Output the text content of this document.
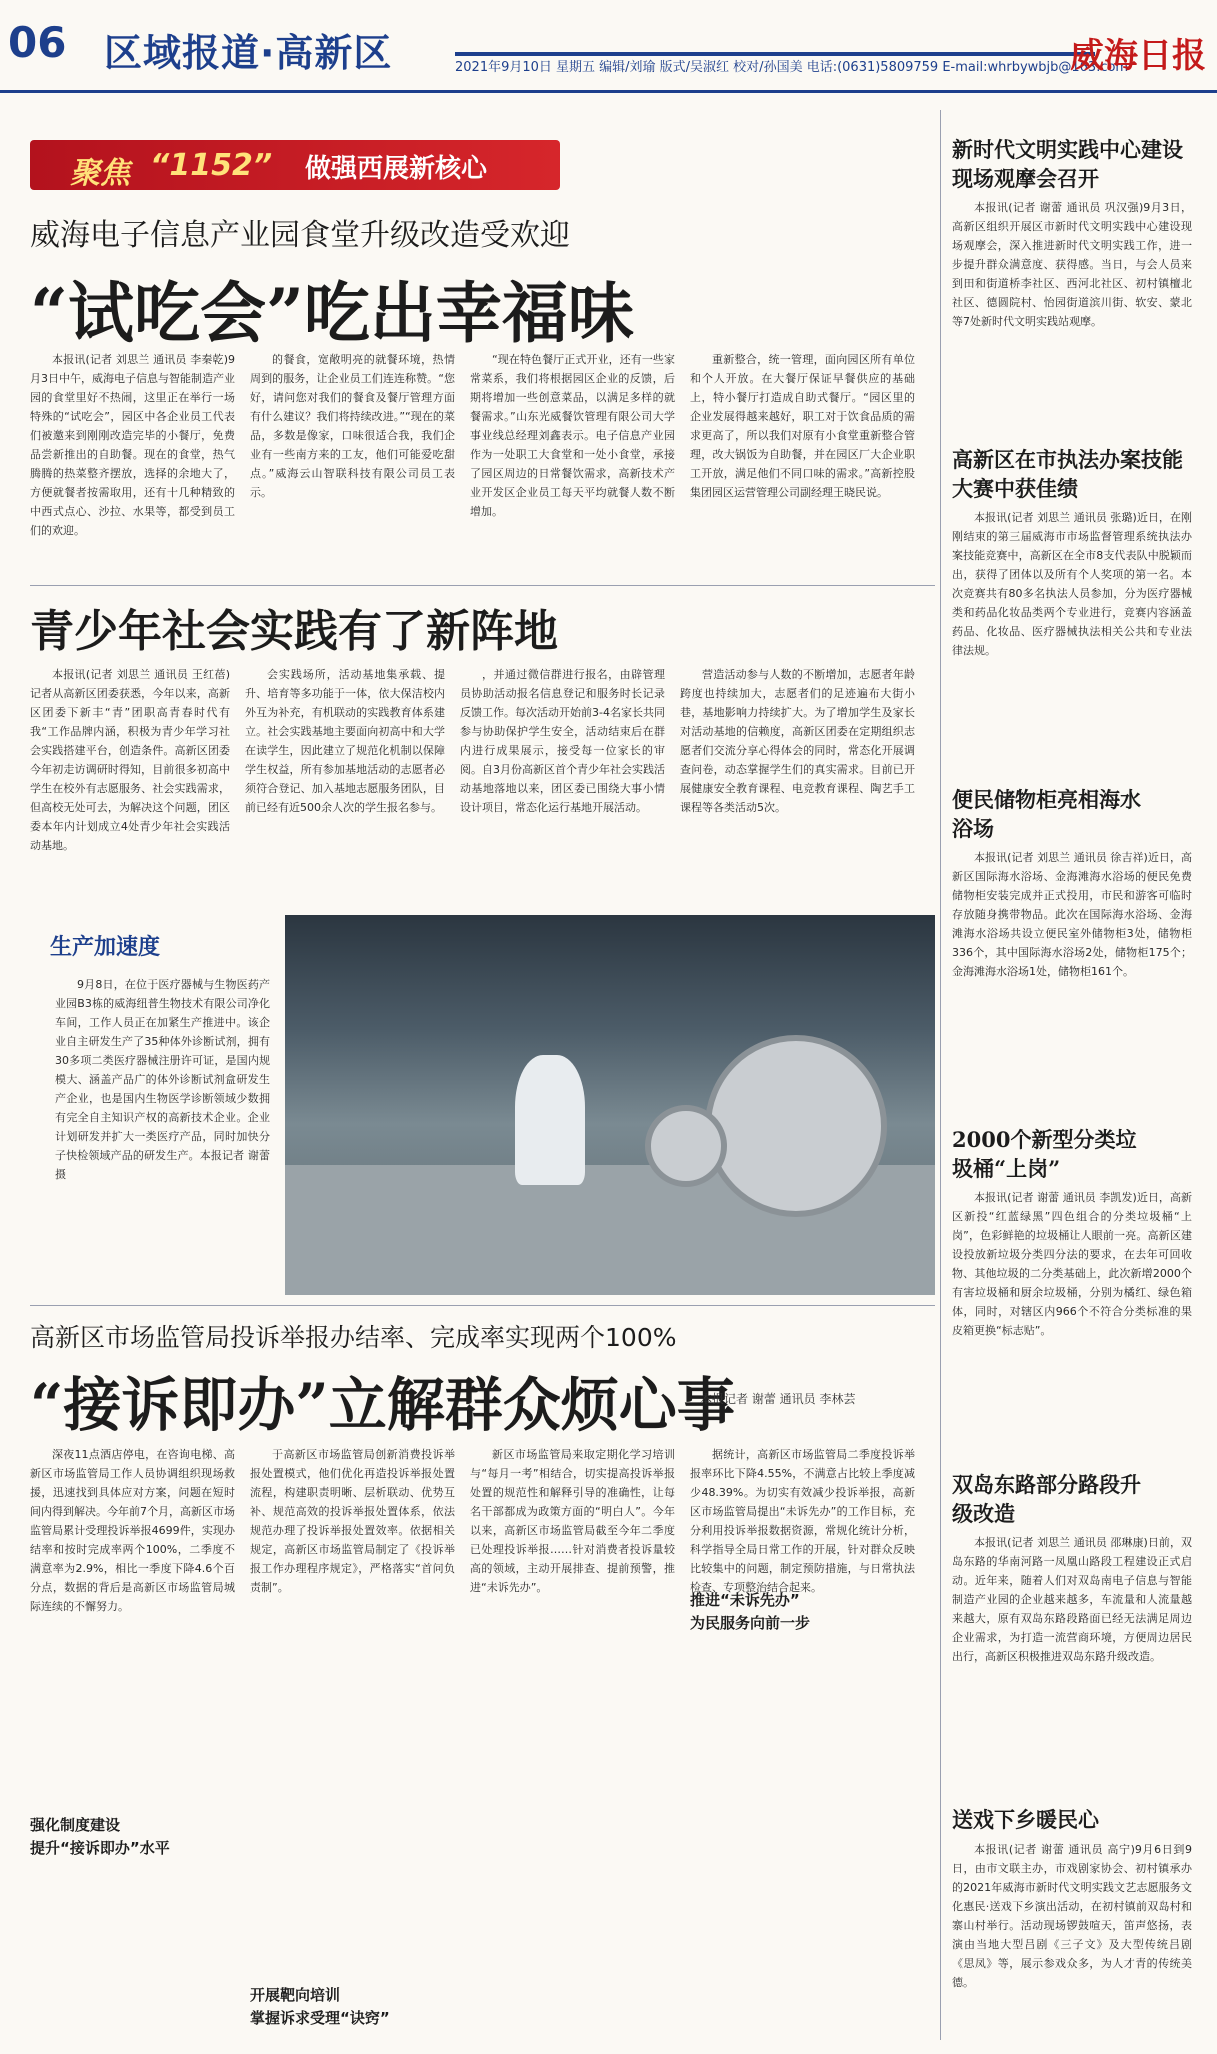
06 区域报道·高新区	2021年9月10日 星期五 编辑/刘瑜 版式/吴淑红 校对/孙国美 电话:(0631)5809759 E-mail:whrbywbjb@163.com
威海日报
聚焦 “1152” 做强西展新核心
威海电子信息产业园食堂升级改造受欢迎
“试吃会”吃出幸福味

本报讯(记者 刘思兰 通讯员 李秦乾)9月3日中午，威海电子信息与智能制造产业园的食堂里好不热闹，这里正在举行一场特殊的“试吃会”，园区中各企业员工代表们被邀来到刚刚改造完毕的小餐厅，免费品尝新推出的自助餐。现在的食堂，热气腾腾的热菜整齐摆放，选择的余地大了，方便就餐者按需取用，还有十几种精致的中西式点心、沙拉、水果等，都受到员工们的欢迎。

的餐食，宽敞明亮的就餐环境，热情周到的服务，让企业员工们连连称赞。“您好，请问您对我们的餐食及餐厅管理方面有什么建议？我们将持续改进。”“现在的菜品，多数是像家，口味很适合我，我们企业有一些南方来的工友，他们可能爱吃甜点。”威海云山智联科技有限公司员工表示。

“现在特色餐厅正式开业，还有一些家常菜系，我们将根据园区企业的反馈，后期将增加一些创意菜品，以满足多样的就餐需求。”山东光威餐饮管理有限公司大学事业线总经理刘鑫表示。电子信息产业园作为一处职工大食堂和一处小食堂，承接了园区周边的日常餐饮需求，高新技术产业开发区企业员工每天平均就餐人数不断增加。

重新整合，统一管理，面向园区所有单位和个人开放。在大餐厅保证早餐供应的基础上，特小餐厅打造成自助式餐厅。“园区里的企业发展得越来越好，职工对于饮食品质的需求更高了，所以我们对原有小食堂重新整合管理，改大锅饭为自助餐，并在园区厂大企业职工开放，满足他们不同口味的需求。”高新控股集团园区运营管理公司副经理王晓民说。

青少年社会实践有了新阵地

本报讯(记者 刘思兰 通讯员 王红蓓)记者从高新区团委获悉，今年以来，高新区团委下新丰“青”团职高青春时代有我“工作品牌内涵，积极为青少年学习社会实践搭建平台，创造条件。高新区团委今年初走访调研时得知，目前很多初高中学生在校外有志愿服务、社会实践需求，但高校无处可去，为解决这个问题，团区委本年内计划成立4处青少年社会实践活动基地。

会实践场所，活动基地集承载、提升、培育等多功能于一体，依大保洁校内外互为补充，有机联动的实践教育体系建立。社会实践基地主要面向初高中和大学在读学生，因此建立了规范化机制以保障学生权益，所有参加基地活动的志愿者必须符合登记、加入基地志愿服务团队，目前已经有近500余人次的学生报名参与。

，并通过微信群进行报名，由辟管理员协助活动报名信息登记和服务时长记录反馈工作。每次活动开始前3-4名家长共同参与协助保护学生安全，活动结束后在群内进行成果展示，接受每一位家长的审阅。自3月份高新区首个青少年社会实践活动基地落地以来，团区委已围绕大事小情设计项目，常态化运行基地开展活动。

营造活动参与人数的不断增加，志愿者年龄跨度也持续加大，志愿者们的足迹遍布大街小巷，基地影响力持续扩大。为了增加学生及家长对活动基地的信赖度，高新区团委在定期组织志愿者们交流分享心得体会的同时，常态化开展调查问卷，动态掌握学生们的真实需求。目前已开展健康安全教育课程、电竞教育课程、陶艺手工课程等各类活动5次。

生产加速度

9月8日，在位于医疗器械与生物医药产业园B3栋的威海纽普生物技术有限公司净化车间，工作人员正在加紧生产推进中。该企业自主研发生产了35种体外诊断试剂，拥有30多项二类医疗器械注册许可证，是国内规模大、涵盖产品广的体外诊断试剂盒研发生产企业，也是国内生物医学诊断领域少数拥有完全自主知识产权的高新技术企业。企业计划研发并扩大一类医疗产品，同时加快分子快检领域产品的研发生产。本报记者 谢蕾 摄

高新区市场监管局投诉举报办结率、完成率实现两个100%
“接诉即办”立解群众烦心事
本报记者 谢蕾 通讯员 李林芸

深夜11点酒店停电，在咨询电梯、高新区市场监管局工作人员协调组织现场救援，迅速找到具体应对方案，问题在短时间内得到解决。今年前7个月，高新区市场监管局累计受理投诉举报4699件，实现办结率和按时完成率两个100%，二季度不满意率为2.9%，相比一季度下降4.6个百分点，数据的背后是高新区市场监管局城际连续的不懈努力。

强化制度建设
提升“接诉即办”水平

于高新区市场监管局创新消费投诉举报处置模式，他们优化再造投诉举报处置流程，构建职责明晰、层析联动、优势互补、规范高效的投诉举报处置体系，依法规范办理了投诉举报处置效率。依据相关规定，高新区市场监管局制定了《投诉举报工作办理程序规定》，严格落实“首问负责制”。

开展靶向培训
掌握诉求受理“诀窍”

新区市场监管局来取定期化学习培训与“每月一考”相结合，切实提高投诉举报处置的规范性和解释引导的准确性，让每名干部都成为政策方面的“明白人”。今年以来，高新区市场监管局截至今年二季度已处理投诉举报……针对消费者投诉量较高的领域，主动开展排查、提前预警，推进“未诉先办”。

据统计，高新区市场监管局二季度投诉举报率环比下降4.55%，不满意占比较上季度减少48.39%。为切实有效减少投诉举报，高新区市场监管局提出“未诉先办”的工作目标，充分利用投诉举报数据资源，常规化统计分析，科学指导全局日常工作的开展，针对群众反映比较集中的问题，制定预防措施，与日常执法检查、专项整治结合起来。

推进“未诉先办”
为民服务向前一步
新时代文明实践中心建设现场观摩会召开

本报讯(记者 谢蕾 通讯员 巩汉强)9月3日，高新区组织开展区市新时代文明实践中心建设现场观摩会，深入推进新时代文明实践工作，进一步提升群众满意度、获得感。当日，与会人员来到田和街道桥李社区、西河北社区、初村镇檀北社区、德圆院村、怡园街道滨川街、软安、蒙北等7处新时代文明实践站观摩。

高新区在市执法办案技能大赛中获佳绩

本报讯(记者 刘思兰 通讯员 张璐)近日，在刚刚结束的第三届威海市市场监督管理系统执法办案技能竞赛中，高新区在全市8支代表队中脱颖而出，获得了团体以及所有个人奖项的第一名。本次竞赛共有80多名执法人员参加，分为医疗器械类和药品化妆品类两个专业进行，竞赛内容涵盖药品、化妆品、医疗器械执法相关公共和专业法律法规。

便民储物柜亮相海水浴场

本报讯(记者 刘思兰 通讯员 徐吉祥)近日，高新区国际海水浴场、金海滩海水浴场的便民免费储物柜安装完成并正式投用，市民和游客可临时存放随身携带物品。此次在国际海水浴场、金海滩海水浴场共设立便民室外储物柜3处，储物柜336个，其中国际海水浴场2处，储物柜175个；金海滩海水浴场1处，储物柜161个。

2000个新型分类垃圾桶“上岗”

本报讯(记者 谢蕾 通讯员 李凯发)近日，高新区新投“红蓝绿黑”四色组合的分类垃圾桶“上岗”，色彩鲜艳的垃圾桶让人眼前一亮。高新区建设投放新垃圾分类四分法的要求，在去年可回收物、其他垃圾的二分类基础上，此次新增2000个有害垃圾桶和厨余垃圾桶，分别为橘红、绿色箱体，同时，对辖区内966个不符合分类标准的果皮箱更换“标志贴”。

双岛东路部分路段升级改造

本报讯(记者 刘思兰 通讯员 邵琳康)日前，双岛东路的华南河路一凤凰山路段工程建设正式启动。近年来，随着人们对双岛南电子信息与智能制造产业园的企业越来越多，车流量和人流量越来越大，原有双岛东路段路面已经无法满足周边企业需求，为打造一流营商环境，方便周边居民出行，高新区积极推进双岛东路升级改造。

送戏下乡暖民心

本报讯(记者 谢蕾 通讯员 高宁)9月6日到9日，由市文联主办，市戏剧家协会、初村镇承办的2021年威海市新时代文明实践文艺志愿服务文化惠民·送戏下乡演出活动，在初村镇前双岛村和寨山村举行。活动现场锣鼓喧天，笛声悠扬，表演由当地大型吕剧《三子文》及大型传统吕剧《思凤》等，展示参戏众多，为人才青的传统美德。
